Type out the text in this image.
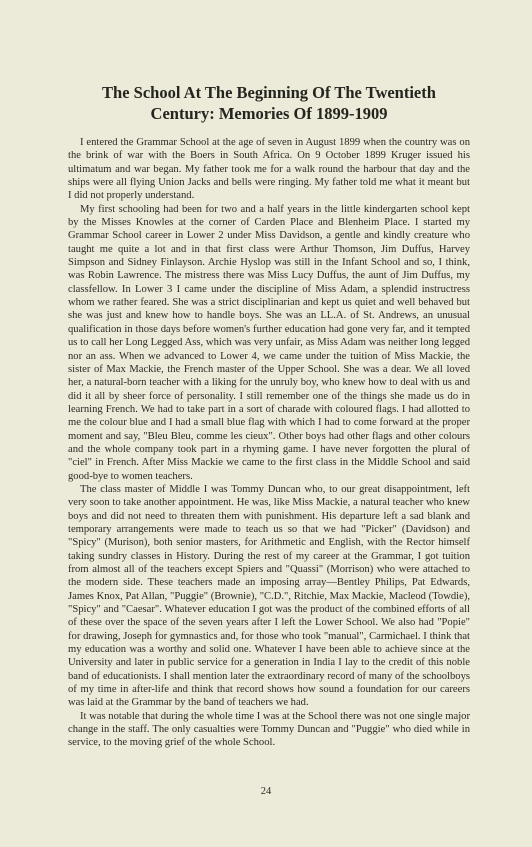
The School At The Beginning Of The Twentieth
Century: Memories Of 1899-1909

I entered the Grammar School at the age of seven in August 1899 when the country was on the brink of war with the Boers in South Africa. On 9 October 1899 Kruger issued his ultimatum and war began. My father took me for a walk round the harbour that day and the ships were all flying Union Jacks and bells were ringing. My father told me what it meant but I did not properly understand.

My first schooling had been for two and a half years in the little kindergarten school kept by the Misses Knowles at the corner of Carden Place and Blenheim Place. I started my Grammar School career in Lower 2 under Miss Davidson, a gentle and kindly creature who taught me quite a lot and in that first class were Arthur Thomson, Jim Duffus, Harvey Simpson and Sidney Finlayson. Archie Hyslop was still in the Infant School and so, I think, was Robin Lawrence. The mistress there was Miss Lucy Duffus, the aunt of Jim Duffus, my classfellow. In Lower 3 I came under the discipline of Miss Adam, a splendid instructress whom we rather feared. She was a strict disciplinarian and kept us quiet and well behaved but she was just and knew how to handle boys. She was an LL.A. of St. Andrews, an unusual qualification in those days before women's further education had gone very far, and it tempted us to call her Long Legged Ass, which was very unfair, as Miss Adam was neither long legged nor an ass. When we advanced to Lower 4, we came under the tuition of Miss Mackie, the sister of Max Mackie, the French master of the Upper School. She was a dear. We all loved her, a natural-born teacher with a liking for the unruly boy, who knew how to deal with us and did it all by sheer force of personality. I still remember one of the things she made us do in learning French. We had to take part in a sort of charade with coloured flags. I had allotted to me the colour blue and I had a small blue flag with which I had to come forward at the proper moment and say, "Bleu Bleu, comme les cieux". Other boys had other flags and other colours and the whole company took part in a rhyming game. I have never forgotten the plural of "ciel" in French. After Miss Mackie we came to the first class in the Middle School and said good-bye to women teachers.

The class master of Middle I was Tommy Duncan who, to our great disappointment, left very soon to take another appointment. He was, like Miss Mackie, a natural teacher who knew boys and did not need to threaten them with punishment. His departure left a sad blank and temporary arrangements were made to teach us so that we had "Picker" (Davidson) and "Spicy" (Murison), both senior masters, for Arithmetic and English, with the Rector himself taking sundry classes in History. During the rest of my career at the Grammar, I got tuition from almost all of the teachers except Spiers and "Quassi" (Morrison) who were attached to the modern side. These teachers made an imposing array—Bentley Philips, Pat Edwards, James Knox, Pat Allan, "Puggie" (Brownie), "C.D.", Ritchie, Max Mackie, Macleod (Towdie), "Spicy" and "Caesar". Whatever education I got was the product of the combined efforts of all of these over the space of the seven years after I left the Lower School. We also had "Popie" for drawing, Joseph for gymnastics and, for those who took "manual", Carmichael. I think that my education was a worthy and solid one. Whatever I have been able to achieve since at the University and later in public service for a generation in India I lay to the credit of this noble band of educationists. I shall mention later the extraordinary record of many of the schoolboys of my time in after-life and think that record shows how sound a foundation for our careers was laid at the Grammar by the band of teachers we had.

It was notable that during the whole time I was at the School there was not one single major change in the staff. The only casualties were Tommy Duncan and "Puggie" who died while in service, to the moving grief of the whole School.

24
